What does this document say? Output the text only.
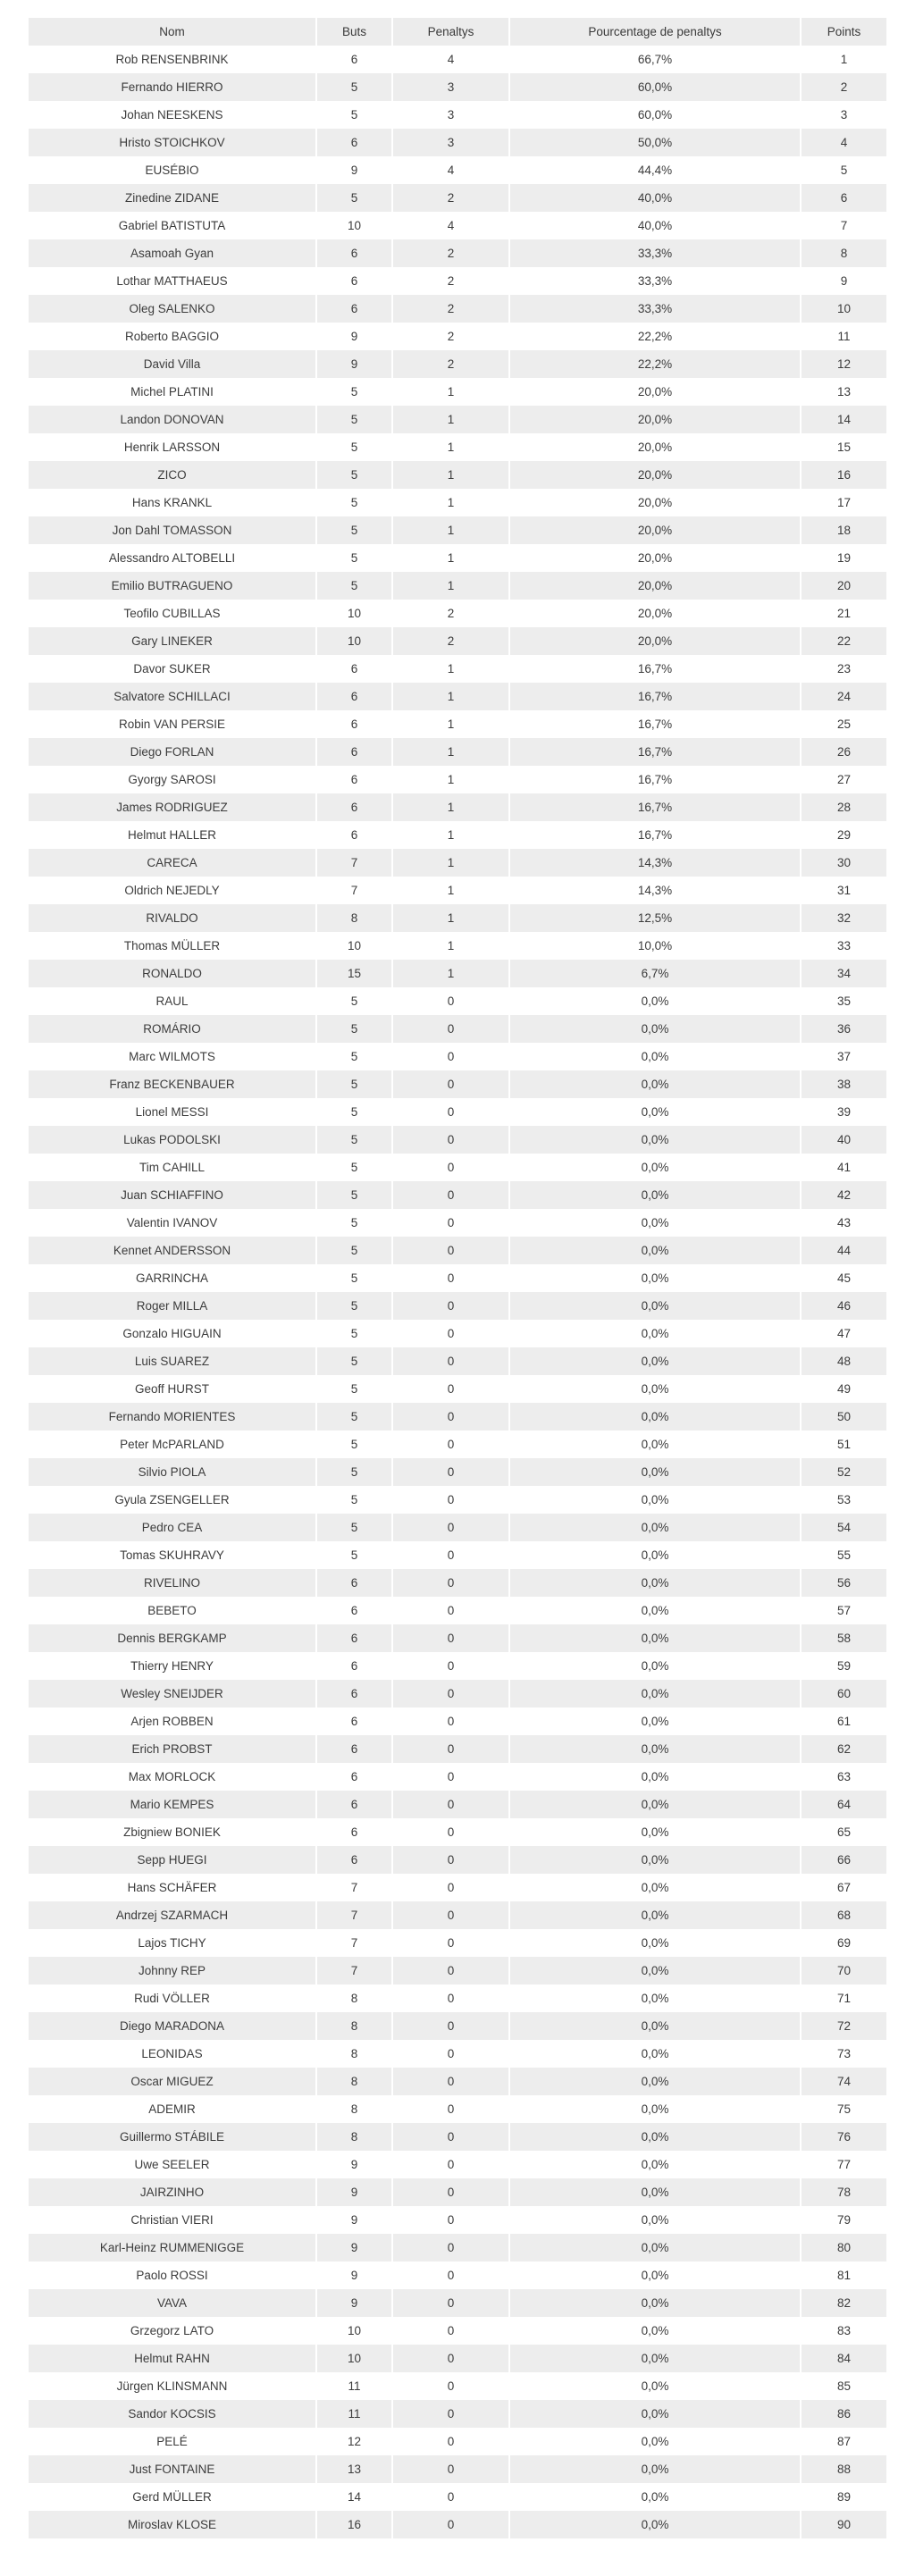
Nom	Buts	Penaltys	Pourcentage de penaltys	Points
Rob RENSENBRINK	6	4	66,7%	1
Fernando HIERRO	5	3	60,0%	2
Johan NEESKENS	5	3	60,0%	3
Hristo STOICHKOV	6	3	50,0%	4
EUSÉBIO	9	4	44,4%	5
Zinedine ZIDANE	5	2	40,0%	6
Gabriel BATISTUTA	10	4	40,0%	7
Asamoah Gyan	6	2	33,3%	8
Lothar MATTHAEUS	6	2	33,3%	9
Oleg SALENKO	6	2	33,3%	10
Roberto BAGGIO	9	2	22,2%	11
David Villa	9	2	22,2%	12
Michel PLATINI	5	1	20,0%	13
Landon DONOVAN	5	1	20,0%	14
Henrik LARSSON	5	1	20,0%	15
ZICO	5	1	20,0%	16
Hans KRANKL	5	1	20,0%	17
Jon Dahl TOMASSON	5	1	20,0%	18
Alessandro ALTOBELLI	5	1	20,0%	19
Emilio BUTRAGUENO	5	1	20,0%	20
Teofilo CUBILLAS	10	2	20,0%	21
Gary LINEKER	10	2	20,0%	22
Davor SUKER	6	1	16,7%	23
Salvatore SCHILLACI	6	1	16,7%	24
Robin VAN PERSIE	6	1	16,7%	25
Diego FORLAN	6	1	16,7%	26
Gyorgy SAROSI	6	1	16,7%	27
James RODRIGUEZ	6	1	16,7%	28
Helmut HALLER	6	1	16,7%	29
CARECA	7	1	14,3%	30
Oldrich NEJEDLY	7	1	14,3%	31
RIVALDO	8	1	12,5%	32
Thomas MÜLLER	10	1	10,0%	33
RONALDO	15	1	6,7%	34
RAUL	5	0	0,0%	35
ROMÁRIO	5	0	0,0%	36
Marc WILMOTS	5	0	0,0%	37
Franz BECKENBAUER	5	0	0,0%	38
Lionel MESSI	5	0	0,0%	39
Lukas PODOLSKI	5	0	0,0%	40
Tim CAHILL	5	0	0,0%	41
Juan SCHIAFFINO	5	0	0,0%	42
Valentin IVANOV	5	0	0,0%	43
Kennet ANDERSSON	5	0	0,0%	44
GARRINCHA	5	0	0,0%	45
Roger MILLA	5	0	0,0%	46
Gonzalo HIGUAIN	5	0	0,0%	47
Luis SUAREZ	5	0	0,0%	48
Geoff HURST	5	0	0,0%	49
Fernando MORIENTES	5	0	0,0%	50
Peter McPARLAND	5	0	0,0%	51
Silvio PIOLA	5	0	0,0%	52
Gyula ZSENGELLER	5	0	0,0%	53
Pedro CEA	5	0	0,0%	54
Tomas SKUHRAVY	5	0	0,0%	55
RIVELINO	6	0	0,0%	56
BEBETO	6	0	0,0%	57
Dennis BERGKAMP	6	0	0,0%	58
Thierry HENRY	6	0	0,0%	59
Wesley SNEIJDER	6	0	0,0%	60
Arjen ROBBEN	6	0	0,0%	61
Erich PROBST	6	0	0,0%	62
Max MORLOCK	6	0	0,0%	63
Mario KEMPES	6	0	0,0%	64
Zbigniew BONIEK	6	0	0,0%	65
Sepp HUEGI	6	0	0,0%	66
Hans SCHÄFER	7	0	0,0%	67
Andrzej SZARMACH	7	0	0,0%	68
Lajos TICHY	7	0	0,0%	69
Johnny REP	7	0	0,0%	70
Rudi VÖLLER	8	0	0,0%	71
Diego MARADONA	8	0	0,0%	72
LEONIDAS	8	0	0,0%	73
Oscar MIGUEZ	8	0	0,0%	74
ADEMIR	8	0	0,0%	75
Guillermo STÁBILE	8	0	0,0%	76
Uwe SEELER	9	0	0,0%	77
JAIRZINHO	9	0	0,0%	78
Christian VIERI	9	0	0,0%	79
Karl-Heinz RUMMENIGGE	9	0	0,0%	80
Paolo ROSSI	9	0	0,0%	81
VAVA	9	0	0,0%	82
Grzegorz LATO	10	0	0,0%	83
Helmut RAHN	10	0	0,0%	84
Jürgen KLINSMANN	11	0	0,0%	85
Sandor KOCSIS	11	0	0,0%	86
PELÉ	12	0	0,0%	87
Just FONTAINE	13	0	0,0%	88
Gerd MÜLLER	14	0	0,0%	89
Miroslav KLOSE	16	0	0,0%	90
